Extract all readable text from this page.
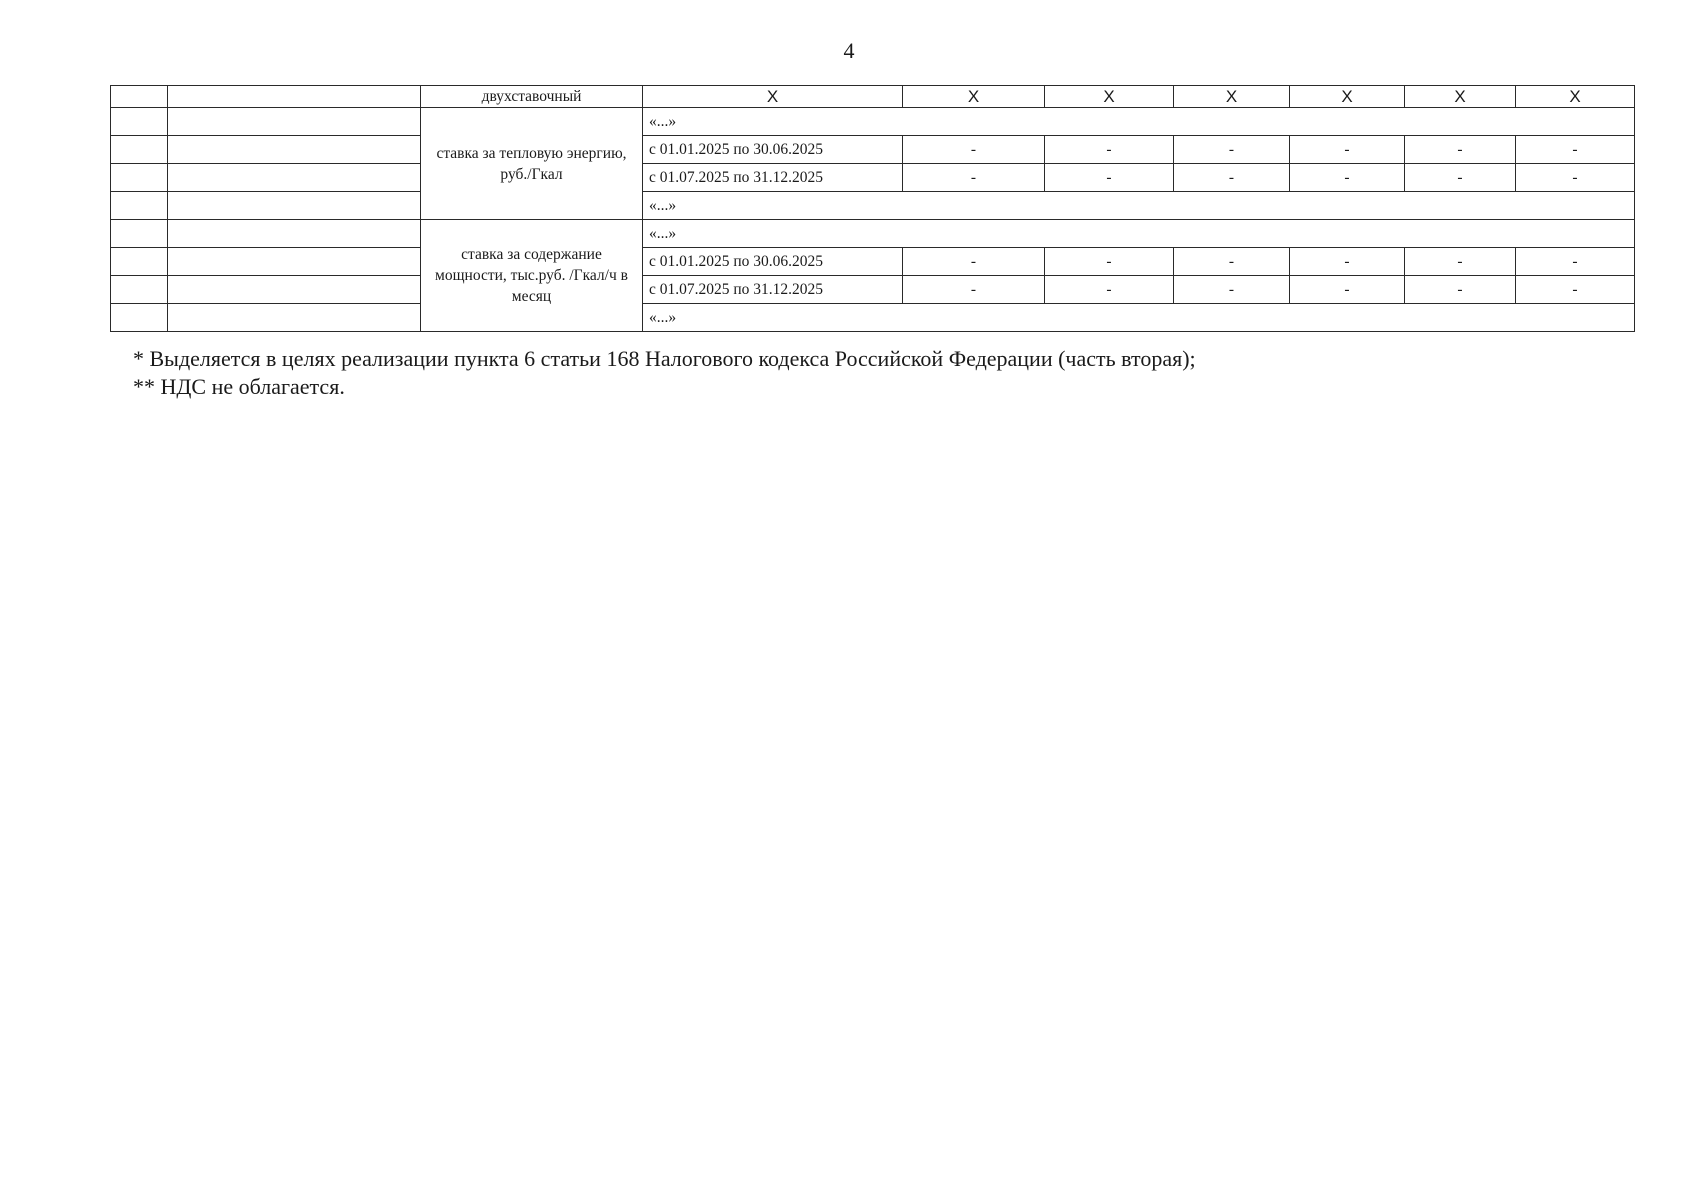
4
		двухставочный	X	X	X	X	X	X	X
		ставка за тепловую энергию, руб./Гкал	«...»						
			с 01.01.2025 по 30.06.2025	-	-	-	-	-	-
			с 01.07.2025 по 31.12.2025	-	-	-	-	-	-
			«...»						
		ставка за содержание мощности, тыс.руб. /Гкал/ч в месяц	«...»						
			с 01.01.2025 по 30.06.2025	-	-	-	-	-	-
			с 01.07.2025 по 31.12.2025	-	-	-	-	-	-
			«...»						
* Выделяется в целях реализации пункта 6 статьи 168 Налогового кодекса Российской Федерации (часть вторая);
** НДС не облагается.
